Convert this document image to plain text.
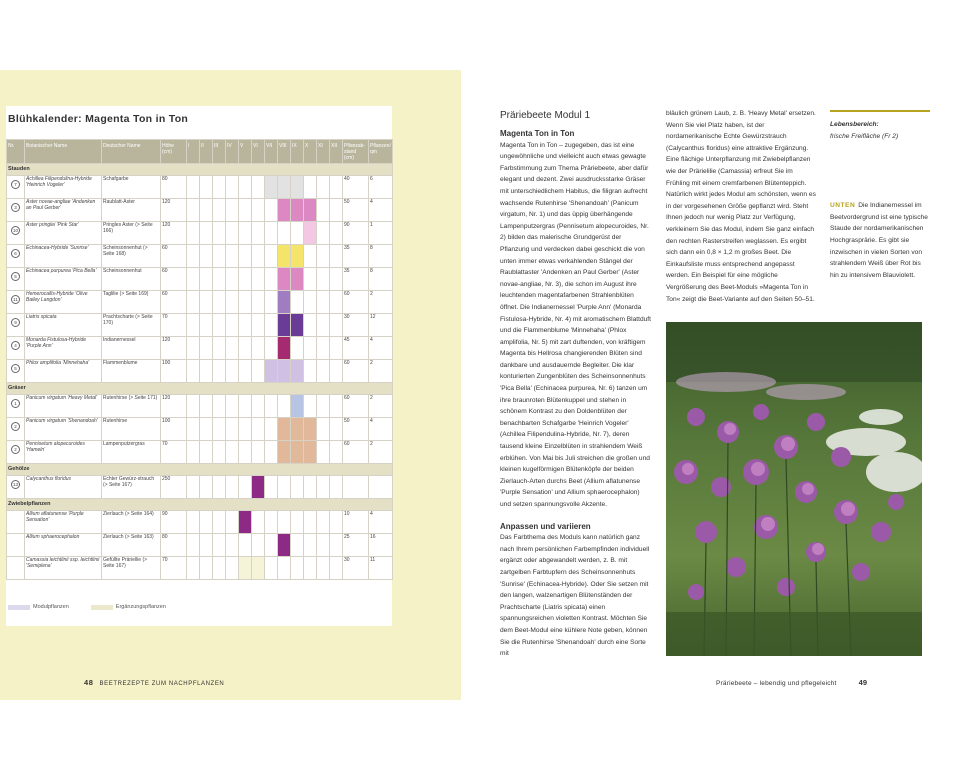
Blühkalender: Magenta Ton in Ton
Nr.	Botanischer Name	Deutscher Name	Höhe (cm)	I	II	III	IV	V	VI	VII	VIII	IX	X	XI	XII	Pflanzab-stand (cm)	Pflanzen/ qm
Stauden																	
7	Achillea Filipendulina-Hybride 'Heinrich Vogeler'	Schafgarbe	80													40	6
3	Aster novae-angliae 'Andenken an Paul Gerber'	Raublatt-Aster	120													50	4
10	Aster pringlei 'Pink Star'	Pringles Aster (> Seite 166)	120													90	1
6	Echinacea-Hybride 'Sunrise'	Scheinsonnenhut (> Seite 168)	60													35	8
5	Echinacea purpurea 'Pica Bella'	Scheinsonnenhut	60													35	8
11	Hemerocallis-Hybride 'Olive Bailey Langdon'	Taglilie (> Seite 169)	60													60	2
9	Liatris spicata	Prachtscharte (> Seite 170)	70													30	12
4	Monarda Fistulosa-Hybride 'Purple Ann'	Indianernessel	120													45	4
5	Phlox amplifolia 'Minnehaha'	Flammenblume	100													60	2
Gräser																	
1	Panicum virgatum 'Heavy Metal'	Rutenhirse (> Seite 171)	120													60	2
2	Panicum virgatum 'Shenandoah'	Rutenhirse	100													50	4
2	Pennisetum alopecuroides 'Hameln'	Lampenputzergras	70													60	2
Gehölze																	
13	Calycanthus floridus	Echter Gewürz-strauch (> Seite 167)	250														
Zwiebelpflanzen																	
	Allium aflatunense 'Purple Sensation'	Zierlauch (> Seite 164)	90													10	4
	Allium sphaerocephalon	Zierlauch (> Seite 163)	80													25	16
	Camassia leichtlinii ssp. leichtlinii 'Semiplena'	Gefüllte Präriellie (> Seite 167)	70													30	11
Modulpflanzen	Ergänzungspflanzen
48 BEETREZEPTE ZUM NACHPFLANZEN
Präriebeete Modul 1

Magenta Ton in Ton

Magenta Ton in Ton – zugegeben, das ist eine ungewöhnliche und vielleicht auch etwas gewagte Farbstimmung zum Thema Präriebeete, aber dafür elegant und dezent. Zwei ausdrucksstarke Gräser mit unterschiedlichem Habitus, die filigran aufrecht wachsende Rutenhirse 'Shenandoah' (Panicum virgatum, Nr. 1) und das üppig überhängende Lampenputzergras (Pennisetum alopecuroides, Nr. 2) bilden das malerische Grundgerüst der Pflanzung und verdecken dabei geschickt die von unten immer etwas verkahlenden Stängel der Raublattaster 'Andenken an Paul Gerber' (Aster novae-angliae, Nr. 3), die schon im August ihre leuchtenden magentafarbenen Strahlenblüten öffnet. Die Indianernessel 'Purple Ann' (Monarda Fistulosa-Hybride, Nr. 4) mit aromatischem Blattduft und die Flammenblume 'Minnehaha' (Phlox amplifolia, Nr. 5) mit zart duftenden, von kräftigem Magenta bis Hellrosa changierenden Blüten sind dankbare und ausdauernde Begleiter. Die klar konturierten Zungenblüten des Scheinsonnenhuts 'Pica Bella' (Echinacea purpurea, Nr. 6) tanzen um ihre braunroten Blütenkuppel und stehen in schönem Kontrast zu den Doldenblüten der benachbarten Schafgarbe 'Heinrich Vogeler' (Achillea Filipendulina-Hybride, Nr. 7), deren tausend kleine Einzelblüten in strahlendem Weiß erblühen. Von Mai bis Juli streichen die großen und kleinen kugelförmigen Blütenköpfe der beiden Zierlauch-Arten durchs Beet (Allium aflatunense 'Purple Sensation' und Allium sphaerocephalon) und setzen spannungsvolle Akzente.

Anpassen und variieren

Das Farbthema des Moduls kann natürlich ganz nach Ihrem persönlichen Farbempfinden individuell ergänzt oder abgewandelt werden, z. B. mit zartgelben Farbtupfern des Scheinsonnenhuts 'Sunrise' (Echinacea-Hybride). Oder Sie setzen mit den langen, walzenartigen Blütenständen der Prachtscharte (Liatris spicata) einen spannungsreichen violetten Kontrast. Möchten Sie dem Beet-Modul eine kühlere Note geben, können Sie die Rutenhirse 'Shenandoah' durch eine Sorte mit

bläulich grünem Laub, z. B. 'Heavy Metal' ersetzen. Wenn Sie viel Platz haben, ist der nordamerikanische Echte Gewürzstrauch (Calycanthus floridus) eine attraktive Ergänzung. Eine flächige Unterpflanzung mit Zwiebelpflanzen wie der Prärielilie (Camassia) erfreut Sie im Frühling mit einem cremfarbenen Blütenteppich.

Natürlich wirkt jedes Modul am schönsten, wenn es in der vorgesehenen Größe gepflanzt wird. Steht Ihnen jedoch nur wenig Platz zur Verfügung, verkleinern Sie das Modul, indem Sie ganz einfach den rechten Rasterstreifen weglassen. Es ergibt sich dann ein 0,8 × 1,2 m großes Beet. Die Einkaufsliste muss entsprechend angepasst werden. Ein Beispiel für eine mögliche Vergrößerung des Beet-Moduls »Magenta Ton in Ton« zeigt die Beet-Variante auf den Seiten 50–51.

Lebensbereich:

frische Freifläche (Fr 2)

UNTEN Die Indianernessel im Beetvordergrund ist eine typische Staude der nordamerikanischen Hochgrasprärie. Es gibt sie inzwischen in vielen Sorten von strahlendem Weiß über Rot bis hin zu intensivem Blauviolett.

Präriebeete – lebendig und pflegeleicht	49
